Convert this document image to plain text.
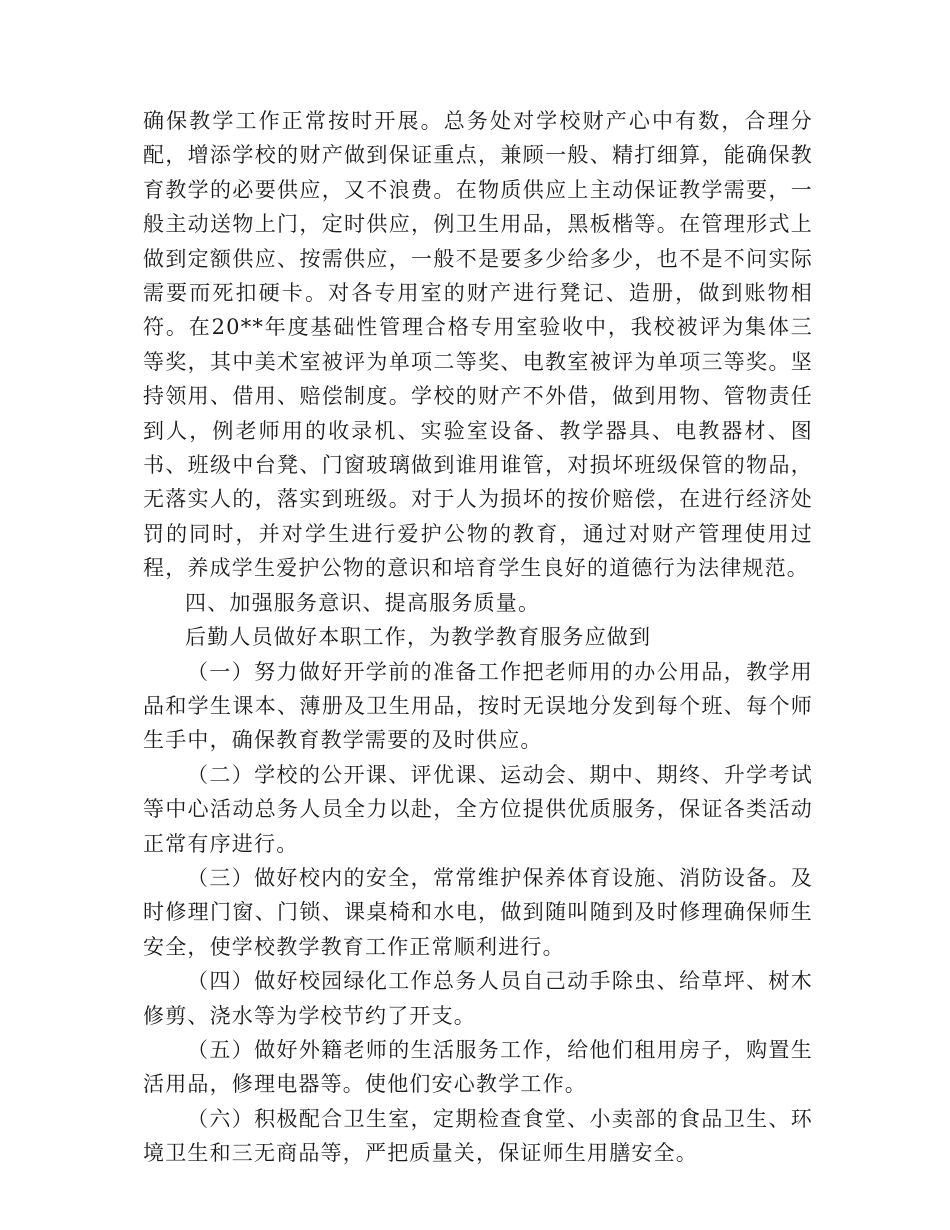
确保教学工作正常按时开展。总务处对学校财产心中有数，合理分配，增添学校的财产做到保证重点，兼顾一般、精打细算，能确保教育教学的必要供应，又不浪费。在物质供应上主动保证教学需要，一般主动送物上门，定时供应，例卫生用品，黑板楷等。在管理形式上做到定额供应、按需供应，一般不是要多少给多少，也不是不问实际需要而死扣硬卡。对各专用室的财产进行凳记、造册，做到账物相符。在20**年度基础性管理合格专用室验收中，我校被评为集体三等奖，其中美术室被评为单项二等奖、电教室被评为单项三等奖。坚持领用、借用、赔偿制度。学校的财产不外借，做到用物、管物责任到人，例老师用的收录机、实验室设备、教学器具、电教器材、图书、班级中台凳、门窗玻璃做到谁用谁管，对损坏班级保管的物品，无落实人的，落实到班级。对于人为损坏的按价赔偿，在进行经济处罚的同时，并对学生进行爱护公物的教育，通过对财产管理使用过程，养成学生爱护公物的意识和培育学生良好的道德行为法律规范。

四、加强服务意识、提高服务质量。

后勤人员做好本职工作，为教学教育服务应做到

（一）努力做好开学前的准备工作把老师用的办公用品，教学用品和学生课本、薄册及卫生用品，按时无误地分发到每个班、每个师生手中，确保教育教学需要的及时供应。

（二）学校的公开课、评优课、运动会、期中、期终、升学考试等中心活动总务人员全力以赴，全方位提供优质服务，保证各类活动正常有序进行。

（三）做好校内的安全，常常维护保养体育设施、消防设备。及时修理门窗、门锁、课桌椅和水电，做到随叫随到及时修理确保师生安全，使学校教学教育工作正常顺利进行。

（四）做好校园绿化工作总务人员自己动手除虫、给草坪、树木修剪、浇水等为学校节约了开支。

（五）做好外籍老师的生活服务工作，给他们租用房子，购置生活用品，修理电器等。使他们安心教学工作。

（六）积极配合卫生室，定期检查食堂、小卖部的食品卫生、环境卫生和三无商品等，严把质量关，保证师生用膳安全。
